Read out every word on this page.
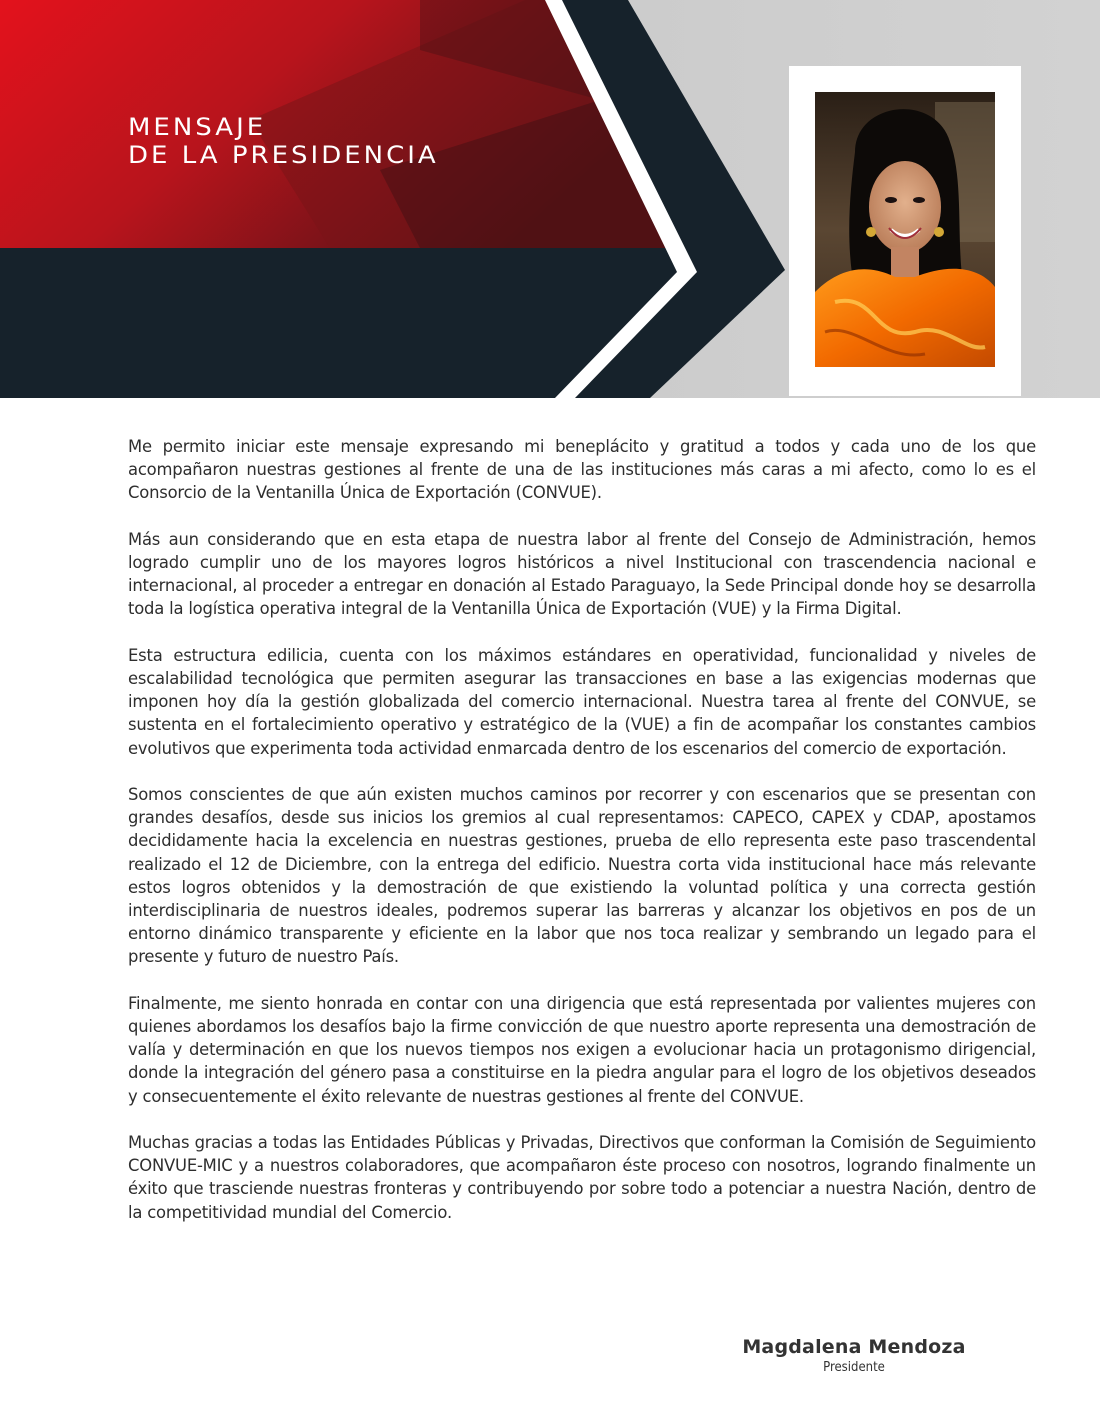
MENSAJE
DE LA PRESIDENCIA

Me permito iniciar este mensaje expresando mi beneplácito y gratitud a todos y cada uno de los que acompañaron nuestras gestiones al frente de una de las instituciones más caras a mi afecto, como lo es el Consorcio de la Ventanilla Única de Exportación (CONVUE).

Más aun considerando que en esta etapa de nuestra labor al frente del Consejo de Administración, hemos logrado cumplir uno de los mayores logros históricos a nivel Institucional con trascendencia nacional e internacional, al proceder a entregar en donación al Estado Paraguayo, la Sede Principal donde hoy se desarrolla toda la logística operativa integral de la Ventanilla Única de Exportación (VUE) y la Firma Digital.

Esta estructura edilicia, cuenta con los máximos estándares en operatividad, funcionalidad y niveles de escalabilidad tecnológica que permiten asegurar las transacciones en base a las exigencias modernas que imponen hoy día la gestión globalizada del comercio internacional. Nuestra tarea al frente del CONVUE, se sustenta en el fortalecimiento operativo y estratégico de la (VUE) a fin de acompañar los constantes cambios evolutivos que experimenta toda actividad enmarcada dentro de los escenarios del comercio de exportación.

Somos conscientes de que aún existen muchos caminos por recorrer y con escenarios que se presentan con grandes desafíos, desde sus inicios los gremios al cual representamos: CAPECO, CAPEX y CDAP, apostamos decididamente hacia la excelencia en nuestras gestiones, prueba de ello representa este paso trascendental realizado el 12 de Diciembre, con la entrega del edificio. Nuestra corta vida institucional hace más relevante estos logros obtenidos y la demostración de que existiendo la voluntad política y una correcta gestión interdisciplinaria de nuestros ideales, podremos superar las barreras y alcanzar los objetivos en pos de un entorno dinámico transparente y eficiente en la labor que nos toca realizar y sembrando un legado para el presente y futuro de nuestro País.

Finalmente, me siento honrada en contar con una dirigencia que está representada por valientes mujeres con quienes abordamos los desafíos bajo la firme convicción de que nuestro aporte representa una demostración de valía y determinación en que los nuevos tiempos nos exigen a evolucionar hacia un protagonismo dirigencial, donde la integración del género pasa a constituirse en la piedra angular para el logro de los objetivos deseados y consecuentemente el éxito relevante de nuestras gestiones al frente del CONVUE.

Muchas gracias a todas las Entidades Públicas y Privadas, Directivos que conforman la Comisión de Seguimiento CONVUE-MIC y a nuestros colaboradores, que acompañaron éste proceso con nosotros, logrando finalmente un éxito que trasciende nuestras fronteras y contribuyendo por sobre todo a potenciar a nuestra Nación, dentro de la competitividad mundial del Comercio.

Magdalena Mendoza
Presidente
